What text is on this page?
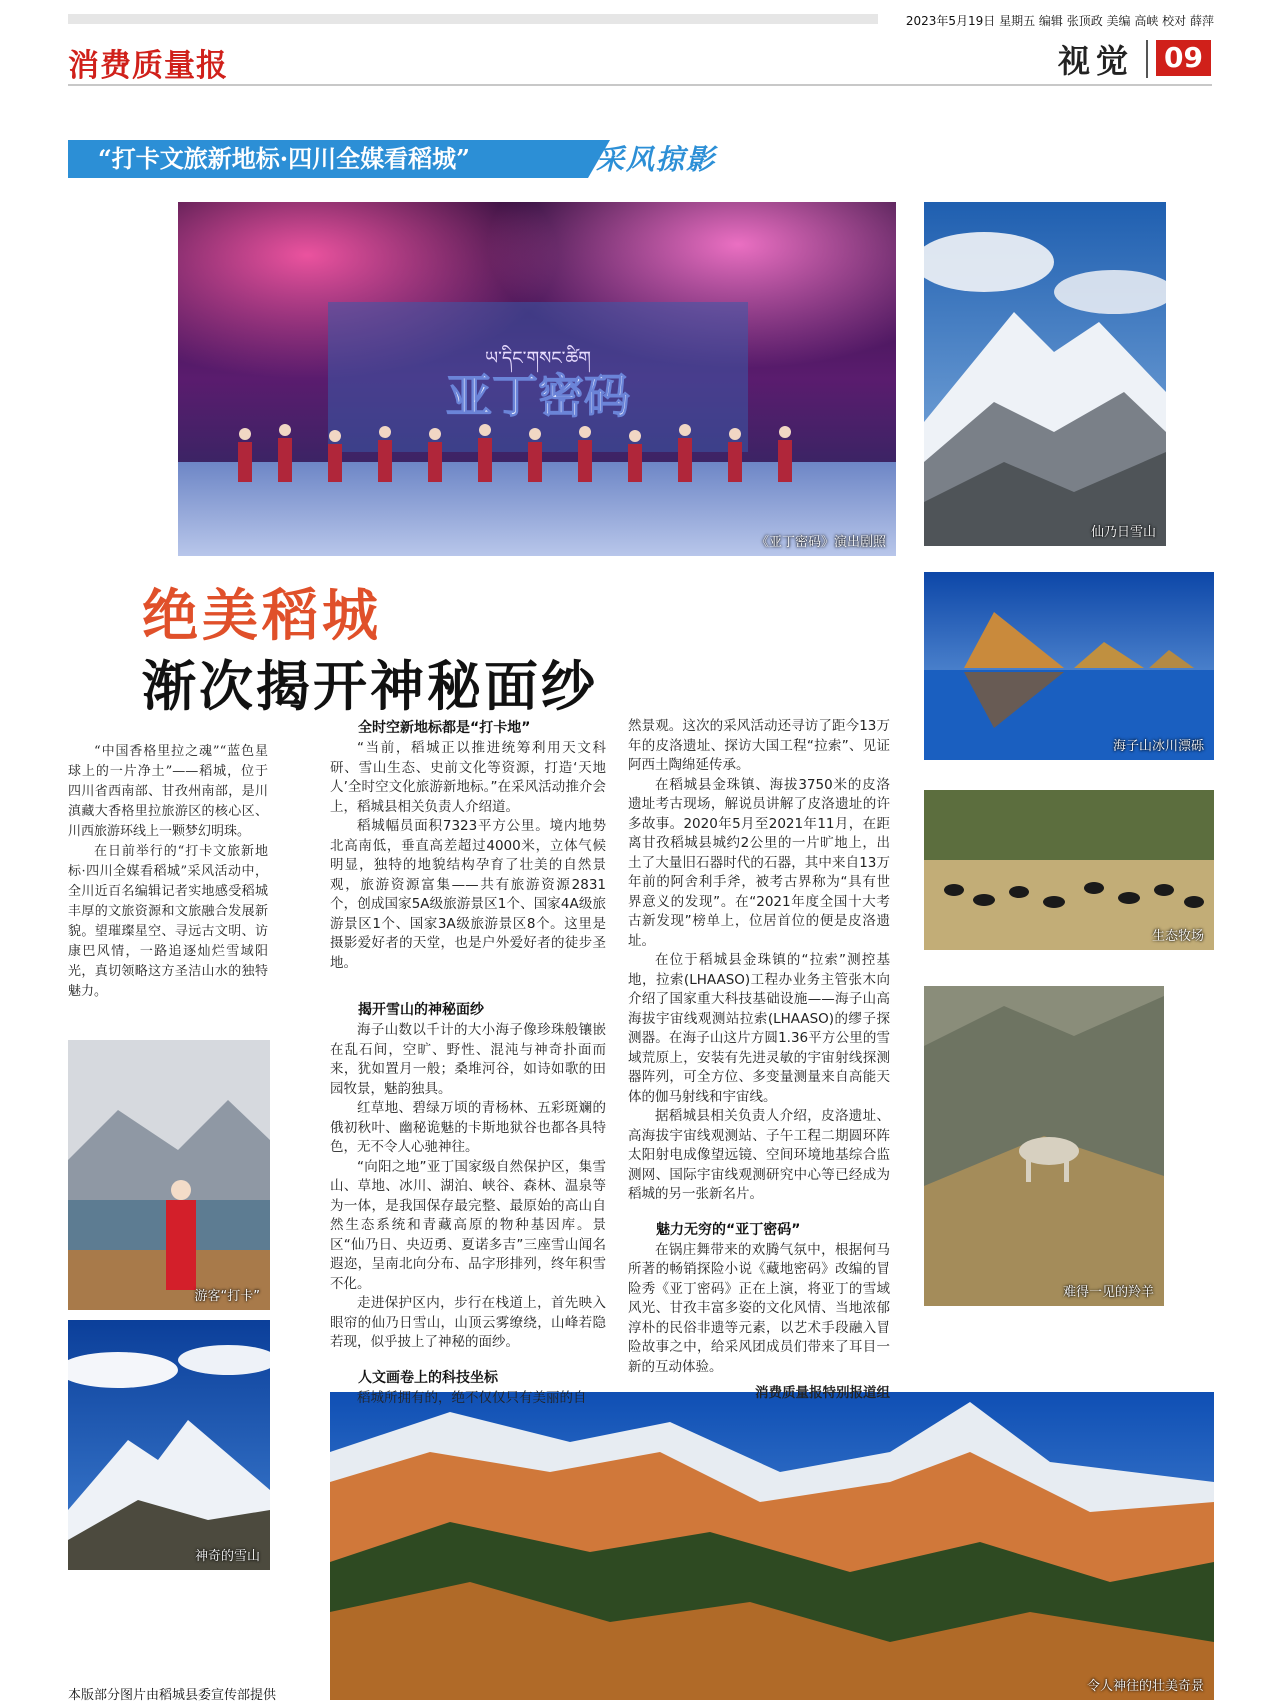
2023年5月19日 星期五 编辑 张顶政 美编 高峡 校对 薛萍
消费质量报	视觉 09
“打卡文旅新地标·四川全媒看稻城”	采风掠影
ཡ་དིང་གསང་ཚིག
亚丁密码
《亚丁密码》演出剧照
仙乃日雪山
海子山冰川漂砾
生态牧场
难得一见的羚羊
游客“打卡”
神奇的雪山
令人神往的壮美奇景
绝美稻城
渐次揭开神秘面纱

“中国香格里拉之魂”“蓝色星球上的一片净土”——稻城，位于四川省西南部、甘孜州南部，是川滇藏大香格里拉旅游区的核心区、川西旅游环线上一颗梦幻明珠。

在日前举行的“打卡文旅新地标·四川全媒看稻城”采风活动中，全川近百名编辑记者实地感受稻城丰厚的文旅资源和文旅融合发展新貌。望璀璨星空、寻远古文明、访康巴风情，一路追逐灿烂雪域阳光，真切领略这方圣洁山水的独特魅力。

全时空新地标都是“打卡地”

“当前，稻城正以推进统筹利用天文科研、雪山生态、史前文化等资源，打造‘天地人’全时空文化旅游新地标。”在采风活动推介会上，稻城县相关负责人介绍道。

稻城幅员面积7323平方公里。境内地势北高南低，垂直高差超过4000米，立体气候明显，独特的地貌结构孕育了壮美的自然景观，旅游资源富集——共有旅游资源2831个，创成国家5A级旅游景区1个、国家4A级旅游景区1个、国家3A级旅游景区8个。这里是摄影爱好者的天堂，也是户外爱好者的徒步圣地。

揭开雪山的神秘面纱

海子山数以千计的大小海子像珍珠般镶嵌在乱石间，空旷、野性、混沌与神奇扑面而来，犹如置月一般；桑堆河谷，如诗如歌的田园牧景，魅韵独具。

红草地、碧绿万顷的青杨林、五彩斑斓的俄初秋叶、幽秘诡魅的卡斯地狱谷也都各具特色，无不令人心驰神往。

“向阳之地”亚丁国家级自然保护区，集雪山、草地、冰川、湖泊、峡谷、森林、温泉等为一体，是我国保存最完整、最原始的高山自然生态系统和青藏高原的物种基因库。景区“仙乃日、央迈勇、夏诺多吉”三座雪山闻名遐迩，呈南北向分布、品字形排列，终年积雪不化。

走进保护区内，步行在栈道上，首先映入眼帘的仙乃日雪山，山顶云雾缭绕，山峰若隐若现，似乎披上了神秘的面纱。

人文画卷上的科技坐标

稻城所拥有的，绝不仅仅只有美丽的自

然景观。这次的采风活动还寻访了距今13万年的皮洛遗址、探访大国工程“拉索”、见证阿西土陶绵延传承。

在稻城县金珠镇、海拔3750米的皮洛遗址考古现场，解说员讲解了皮洛遗址的许多故事。2020年5月至2021年11月，在距离甘孜稻城县城约2公里的一片旷地上，出土了大量旧石器时代的石器，其中来自13万年前的阿舍利手斧，被考古界称为“具有世界意义的发现”。在“2021年度全国十大考古新发现”榜单上，位居首位的便是皮洛遗址。

在位于稻城县金珠镇的“拉索”测控基地，拉索(LHAASO)工程办业务主管张木向介绍了国家重大科技基础设施——海子山高海拔宇宙线观测站拉索(LHAASO)的缪子探测器。在海子山这片方圆1.36平方公里的雪域荒原上，安装有先进灵敏的宇宙射线探测器阵列，可全方位、多变量测量来自高能天体的伽马射线和宇宙线。

据稻城县相关负责人介绍，皮洛遗址、高海拔宇宙线观测站、子午工程二期圆环阵太阳射电成像望远镜、空间环境地基综合监测网、国际宇宙线观测研究中心等已经成为稻城的另一张新名片。

魅力无穷的“亚丁密码”

在锅庄舞带来的欢腾气氛中，根据何马所著的畅销探险小说《藏地密码》改编的冒险秀《亚丁密码》正在上演，将亚丁的雪域风光、甘孜丰富多姿的文化风情、当地浓郁淳朴的民俗非遗等元素，以艺术手段融入冒险故事之中，给采风团成员们带来了耳目一新的互动体验。

消费质量报特别报道组
本版部分图片由稻城县委宣传部提供
